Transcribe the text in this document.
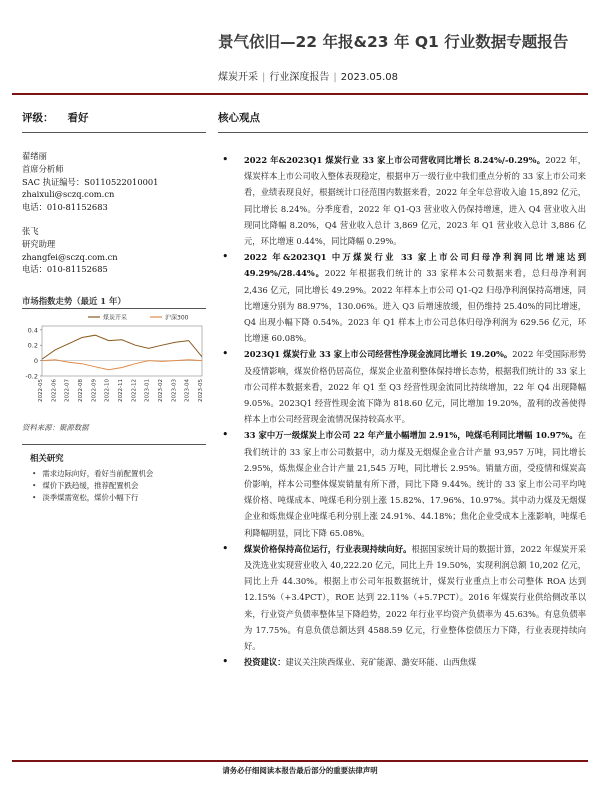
景气依旧—22 年报&23 年 Q1 行业数据专题报告
煤炭开采 | 行业深度报告 | 2023.05.08
评级： 看好	核心观点
翟绪丽
首席分析师
SAC 执证编号：S0110522010001
zhaixuli@sczq.com.cn
电话：010-81152683
张飞
研究助理
zhangfei@sczq.com.cn
电话：010-81152685
市场指数走势（最近 1 年）
0.4
0.2
0
-0.2
2022-05 2022-06 2022-07 2022-08 2022-09 2022-10 2022-11 2022-12 2023-01 2023-02 2023-03 2023-04 2023-05
煤炭开采	沪深300
资料来源：聚源数据
相关研究
• 需求边际向好，看好当前配置机会
• 煤价下跌趋缓，推荐配置机会
• 淡季煤需宽松，煤价小幅下行
• 2022 年&2023Q1 煤炭行业 33 家上市公司营收同比增长 8.24%/-0.29%。2022 年，煤炭样本上市公司收入整体表现稳定，根据申万一级行业中我们重点分析的 33 家上市公司来看，业绩表现良好，根据统计口径范围内数据来看，2022 年全年总营收入逾 15,892 亿元，同比增长 8.24%。分季度看，2022 年 Q1-Q3 营业收入仍保持增速，进入 Q4 营业收入出现同比降幅 8.20%，Q4 营业收入总计 3,869 亿元，2023 年 Q1 营业收入总计 3,886 亿元，环比增速 0.44%，同比降幅 0.29%。
• 2022 年&2023Q1 中万煤炭行业 33 家上市公司归母净利润同比增速达到 49.29%/28.44%。2022 年根据我们统计的 33 家样本公司数据来看，总归母净利润 2,436 亿元，同比增长 49.29%。2022 年样本上市公司 Q1-Q2 归母净利润保持高增速，同比增速分别为 88.97%，130.06%。进入 Q3 后增速放缓，但仍维持 25.40%的同比增速，Q4 出现小幅下降 0.54%。2023 年 Q1 样本上市公司总体归母净利润为 629.56 亿元，环比增速 60.08%。
• 2023Q1 煤炭行业 33 家上市公司经营性净现金流同比增长 19.20%。2022 年受国际形势及疫情影响，煤炭价格仍居高位，煤炭企业盈利整体保持增长态势，根据我们统计的 33 家上市公司样本数据来看，2022 年 Q1 至 Q3 经营性现金流同比持续增加，22 年 Q4 出现降幅 9.05%。2023Q1 经营性现金流下降为 818.60 亿元，同比增加 19.20%，盈利的改善使得样本上市公司经营现金流情况保持较高水平。
• 33 家中万一级煤炭上市公司 22 年产量小幅增加 2.91%，吨煤毛利同比增幅 10.97%。在我们统计的 33 家上市公司数据中，动力煤及无烟煤企业合计产量 93,957 万吨，同比增长 2.95%，炼焦煤企业合计产量 21,545 万吨，同比增长 2.95%。销量方面，受疫情和煤炭高价影响，样本公司整体煤炭销量有所下滑，同比下降 9.44%。统计的 33 家上市公司平均吨煤价格、吨煤成本、吨煤毛利分别上涨 15.82%、17.96%、10.97%。其中动力煤及无烟煤企业和炼焦煤企业吨煤毛利分别上涨 24.91%、44.18%；焦化企业受成本上涨影响，吨煤毛利降幅明显，同比下降 65.08%。
• 煤炭价格保持高位运行，行业表现持续向好。根据国家统计局的数据计算，2022 年煤炭开采及洗选业实现营业收入 40,222.20 亿元，同比上升 19.50%，实现利润总额 10,202 亿元，同比上升 44.30%。根据上市公司年报数据统计，煤炭行业重点上市公司整体 ROA 达到 12.15%（+3.4PCT），ROE 达到 22.11%（+5.7PCT）。2016 年煤炭行业供给侧改革以来，行业资产负债率整体呈下降趋势，2022 年行业平均资产负债率为 45.63%。有息负债率为 17.75%。有息负债总额达到 4588.59 亿元，行业整体偿债压力下降，行业表现持续向好。
• 投资建议：建议关注陕西煤业、兖矿能源、潞安环能、山西焦煤
请务必仔细阅读本报告最后部分的重要法律声明
